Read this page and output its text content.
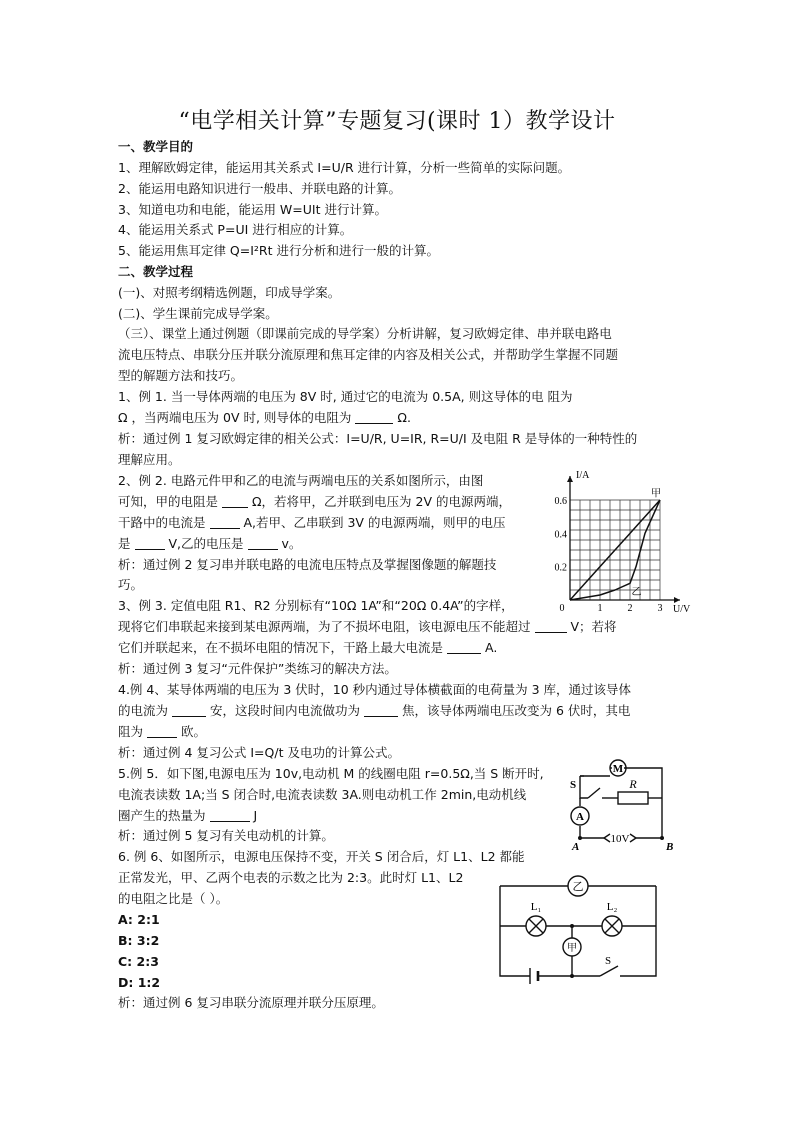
“电学相关计算”专题复习(课时 1）教学设计
一、教学目的
1、理解欧姆定律，能运用其关系式 I=U/R 进行计算，分析一些简单的实际问题。
2、能运用电路知识进行一般串、并联电路的计算。
3、知道电功和电能，能运用 W=UIt 进行计算。
4、能运用关系式 P=UI 进行相应的计算。
5、能运用焦耳定律 Q=I²Rt 进行分析和进行一般的计算。
二、教学过程
(一)、对照考纲精选例题，印成导学案。
(二)、学生课前完成导学案。
（三）、课堂上通过例题（即课前完成的导学案）分析讲解，复习欧姆定律、串并联电路电
流电压特点、串联分压并联分流原理和焦耳定律的内容及相关公式，并帮助学生掌握不同题
型的解题方法和技巧。
1、例 1. 当一导体两端的电压为 8V 时, 通过它的电流为 0.5A, 则这导体的电 阻为
Ω ，当两端电压为 0V 时, 则导体的电阻为	Ω.
析：通过例 1 复习欧姆定律的相关公式：I=U/R, U=IR, R=U/I 及电阻 R 是导体的一种特性的
理解应用。
2、例 2. 电路元件甲和乙的电流与两端电压的关系如图所示，由图
可知，甲的电阻是	Ω，若将甲，乙并联到电压为 2V 的电源两端，
干路中的电流是	A,若甲、乙串联到 3V 的电源两端，则甲的电压
是	V,乙的电压是	v。
析：通过例 2 复习串并联电路的电流电压特点及掌握图像题的解题技
巧。
0	1	2	3
0.2
0.4
0.6
U/V
I/A
甲
乙
3、例 3. 定值电阻 R1、R2 分别标有“10Ω 1A”和“20Ω 0.4A”的字样，
现将它们串联起来接到某电源两端，为了不损坏电阻，该电源电压不能超过	V；若将
它们并联起来，在不损坏电阻的情况下，干路上最大电流是	A.
析：通过例 3 复习“元件保护”类练习的解决方法。
4.例 4、某导体两端的电压为 3 伏时，10 秒内通过导体横截面的电荷量为 3 库，通过该导体
的电流为	安，这段时间内电流做功为	焦，该导体两端电压改变为 6 伏时，其电
阻为	欧。
析：通过例 4 复习公式 I=Q/t 及电功的计算公式。
5.例 5．如下图,电源电压为 10v,电动机 M 的线圈电阻 r=0.5Ω,当 S 断开时,
电流表读数 1A;当 S 闭合时,电流表读数 3A.则电动机工作 2min,电动机线
圈产生的热量为	J
析：通过例 5 复习有关电动机的计算。
M
R
S
A
A	B
10V
6. 例 6、如图所示，电源电压保持不变，开关 S 闭合后，灯 L1、L2 都能
正常发光，甲、乙两个电表的示数之比为 2:3。此时灯 L1、L2
的电阻之比是（ ）。
A: 2:1
B: 3:2
C: 2:3
D: 1:2
析：通过例 6 复习串联分流原理并联分压原理。
乙
甲
L₁	L₂
S
